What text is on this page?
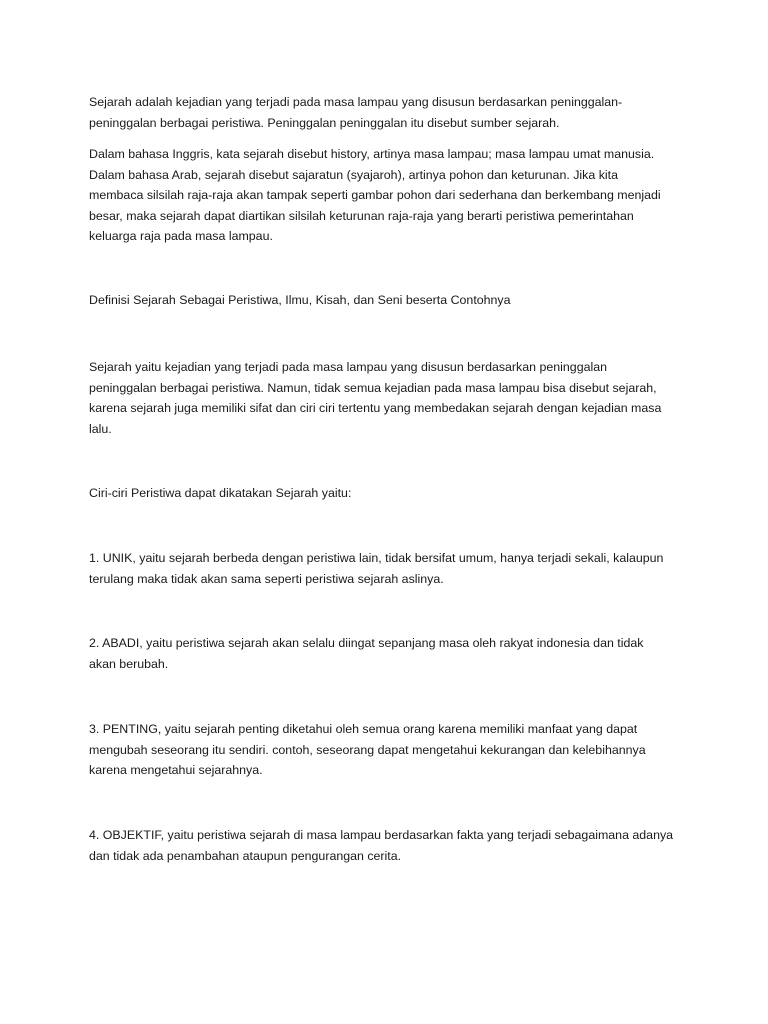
Sejarah adalah kejadian yang terjadi pada masa lampau yang disusun berdasarkan peninggalan-
peninggalan berbagai peristiwa. Peninggalan peninggalan itu disebut sumber sejarah.
Dalam bahasa Inggris, kata sejarah disebut history, artinya masa lampau; masa lampau umat manusia.
Dalam bahasa Arab, sejarah disebut sajaratun (syajaroh), artinya pohon dan keturunan. Jika kita
membaca silsilah raja-raja akan tampak seperti gambar pohon dari sederhana dan berkembang menjadi
besar, maka sejarah dapat diartikan silsilah keturunan raja-raja yang berarti peristiwa pemerintahan
keluarga raja pada masa lampau.
Definisi Sejarah Sebagai Peristiwa, Ilmu, Kisah, dan Seni beserta Contohnya
Sejarah yaitu kejadian yang terjadi pada masa lampau yang disusun berdasarkan peninggalan
peninggalan berbagai peristiwa. Namun, tidak semua kejadian pada masa lampau bisa disebut sejarah,
karena sejarah juga memiliki sifat dan ciri ciri tertentu yang membedakan sejarah dengan kejadian masa
lalu.
Ciri-ciri Peristiwa dapat dikatakan Sejarah yaitu:
1. UNIK, yaitu sejarah berbeda dengan peristiwa lain, tidak bersifat umum, hanya terjadi sekali, kalaupun
terulang maka tidak akan sama seperti peristiwa sejarah aslinya.
2. ABADI, yaitu peristiwa sejarah akan selalu diingat sepanjang masa oleh rakyat indonesia dan tidak
akan berubah.
3. PENTING, yaitu sejarah penting diketahui oleh semua orang karena memiliki manfaat yang dapat
mengubah seseorang itu sendiri. contoh, seseorang dapat mengetahui kekurangan dan kelebihannya
karena mengetahui sejarahnya.
4. OBJEKTIF, yaitu peristiwa sejarah di masa lampau berdasarkan fakta yang terjadi sebagaimana adanya
dan tidak ada penambahan ataupun pengurangan cerita.
